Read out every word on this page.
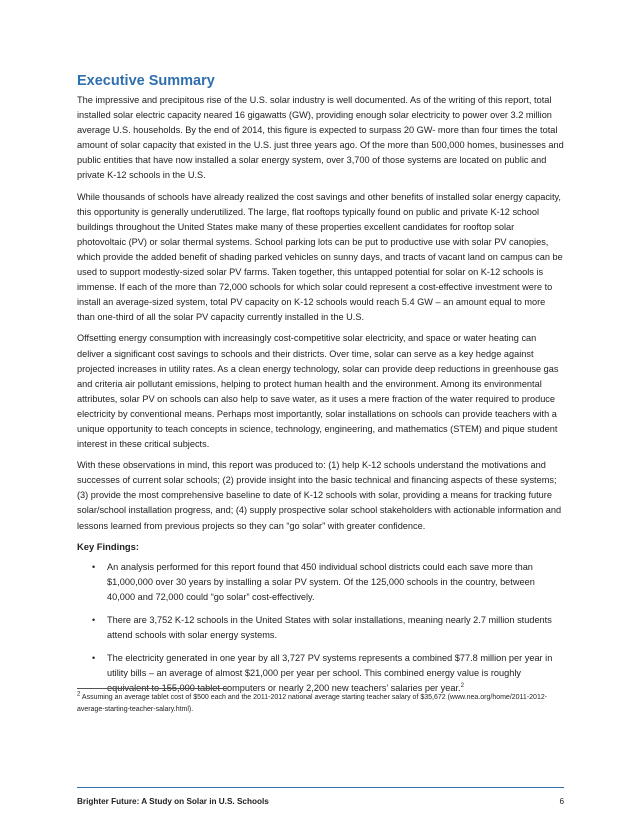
Executive Summary

The impressive and precipitous rise of the U.S. solar industry is well documented. As of the writing of this report, total installed solar electric capacity neared 16 gigawatts (GW), providing enough solar electricity to power over 3.2 million average U.S. households. By the end of 2014, this figure is expected to surpass 20 GW- more than four times the total amount of solar capacity that existed in the U.S. just three years ago. Of the more than 500,000 homes, businesses and public entities that have now installed a solar energy system, over 3,700 of those systems are located on public and private K-12 schools in the U.S.

While thousands of schools have already realized the cost savings and other benefits of installed solar energy capacity, this opportunity is generally underutilized. The large, flat rooftops typically found on public and private K-12 school buildings throughout the United States make many of these properties excellent candidates for rooftop solar photovoltaic (PV) or solar thermal systems. School parking lots can be put to productive use with solar PV canopies, which provide the added benefit of shading parked vehicles on sunny days, and tracts of vacant land on campus can be used to support modestly-sized solar PV farms. Taken together, this untapped potential for solar on K-12 schools is immense. If each of the more than 72,000 schools for which solar could represent a cost-effective investment were to install an average-sized system, total PV capacity on K-12 schools would reach 5.4 GW – an amount equal to more than one-third of all the solar PV capacity currently installed in the U.S.

Offsetting energy consumption with increasingly cost-competitive solar electricity, and space or water heating can deliver a significant cost savings to schools and their districts. Over time, solar can serve as a key hedge against projected increases in utility rates. As a clean energy technology, solar can provide deep reductions in greenhouse gas and criteria air pollutant emissions, helping to protect human health and the environment. Among its environmental attributes, solar PV on schools can also help to save water, as it uses a mere fraction of the water required to produce electricity by conventional means. Perhaps most importantly, solar installations on schools can provide teachers with a unique opportunity to teach concepts in science, technology, engineering, and mathematics (STEM) and pique student interest in these critical subjects.

With these observations in mind, this report was produced to: (1) help K-12 schools understand the motivations and successes of current solar schools; (2) provide insight into the basic technical and financing aspects of these systems; (3) provide the most comprehensive baseline to date of K-12 schools with solar, providing a means for tracking future solar/school installation progress, and; (4) supply prospective solar school stakeholders with actionable information and lessons learned from previous projects so they can “go solar” with greater confidence.

Key Findings:
• An analysis performed for this report found that 450 individual school districts could each save more than $1,000,000 over 30 years by installing a solar PV system. Of the 125,000 schools in the country, between 40,000 and 72,000 could “go solar” cost-effectively.
• There are 3,752 K-12 schools in the United States with solar installations, meaning nearly 2.7 million students attend schools with solar energy systems.
• The electricity generated in one year by all 3,727 PV systems represents a combined $77.8 million per year in utility bills – an average of almost $21,000 per year per school. This combined energy value is roughly equivalent to 155,000 tablet computers or nearly 2,200 new teachers’ salaries per year.$^2$
$^2$ Assuming an average tablet cost of $500 each and the 2011-2012 national average starting teacher salary of $35,672 (www.nea.org/home/2011-2012-average-starting-teacher-salary.html).
Brighter Future: A Study on Solar in U.S. Schools	6
